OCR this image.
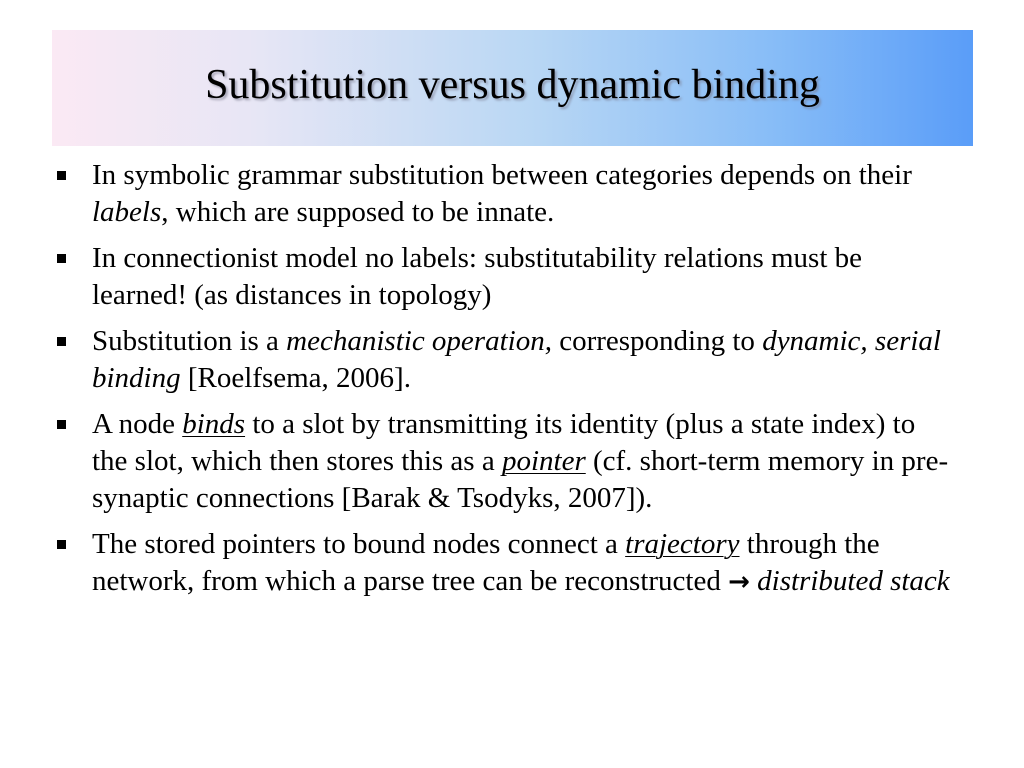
Substitution versus dynamic binding
In symbolic grammar substitution between categories depends on their labels, which are supposed to be innate.
In connectionist model no labels: substitutability relations must be learned! (as distances in topology)
Substitution is a mechanistic operation, corresponding to dynamic, serial binding [Roelfsema, 2006].
A node binds to a slot by transmitting its identity (plus a state index) to the slot, which then stores this as a pointer (cf. short-term memory in pre-synaptic connections [Barak & Tsodyks, 2007]).
The stored pointers to bound nodes connect a trajectory through the network, from which a parse tree can be reconstructed → distributed stack
